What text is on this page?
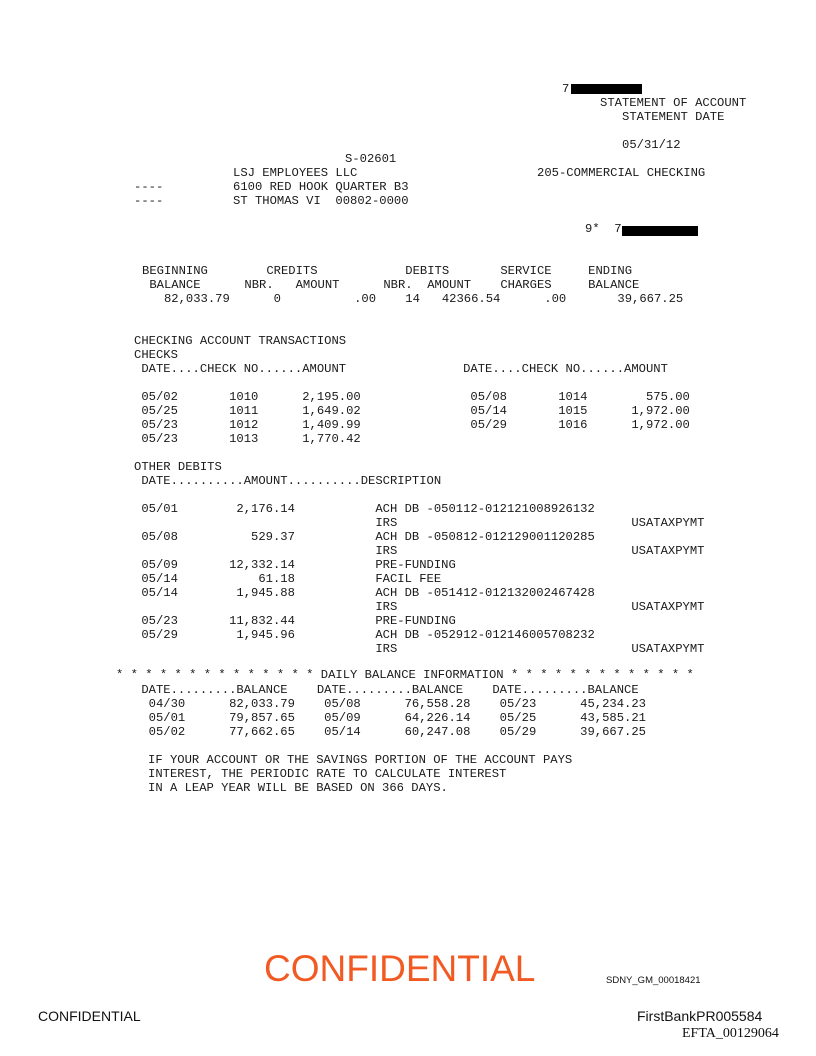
7
STATEMENT OF ACCOUNT
STATEMENT DATE
05/31/12
S-02601
LSJ EMPLOYEES LLC	205-COMMERCIAL CHECKING
----	6100 RED HOOK QUARTER B3
----	ST THOMAS VI  00802-0000
9*  7
BEGINNING        CREDITS            DEBITS       SERVICE     ENDING
BALANCE      NBR.   AMOUNT      NBR.  AMOUNT    CHARGES     BALANCE
82,033.79      0          .00    14   42366.54      .00       39,667.25
CHECKING ACCOUNT TRANSACTIONS
CHECKS
DATE....CHECK NO......AMOUNT                DATE....CHECK NO......AMOUNT
05/02       1010      2,195.00               05/08       1014        575.00
05/25       1011      1,649.02               05/14       1015      1,972.00
05/23       1012      1,409.99               05/29       1016      1,972.00
05/23       1013      1,770.42
OTHER DEBITS
DATE..........AMOUNT..........DESCRIPTION
05/01        2,176.14           ACH DB -050112-012121008926132
IRS                                USATAXPYMT
05/08          529.37           ACH DB -050812-012129001120285
IRS                                USATAXPYMT
05/09       12,332.14           PRE-FUNDING
05/14           61.18           FACIL FEE
05/14        1,945.88           ACH DB -051412-012132002467428
IRS                                USATAXPYMT
05/23       11,832.44           PRE-FUNDING
05/29        1,945.96           ACH DB -052912-012146005708232
IRS                                USATAXPYMT
* * * * * * * * * * * * * * DAILY BALANCE INFORMATION * * * * * * * * * * * * *
DATE.........BALANCE    DATE.........BALANCE    DATE.........BALANCE
04/30      82,033.79    05/08      76,558.28    05/23      45,234.23
05/01      79,857.65    05/09      64,226.14    05/25      43,585.21
05/02      77,662.65    05/14      60,247.08    05/29      39,667.25
IF YOUR ACCOUNT OR THE SAVINGS PORTION OF THE ACCOUNT PAYS
INTEREST, THE PERIODIC RATE TO CALCULATE INTEREST
IN A LEAP YEAR WILL BE BASED ON 366 DAYS.
CONFIDENTIAL	SDNY_GM_00018421
CONFIDENTIAL	FirstBankPR005584
EFTA_00129064
